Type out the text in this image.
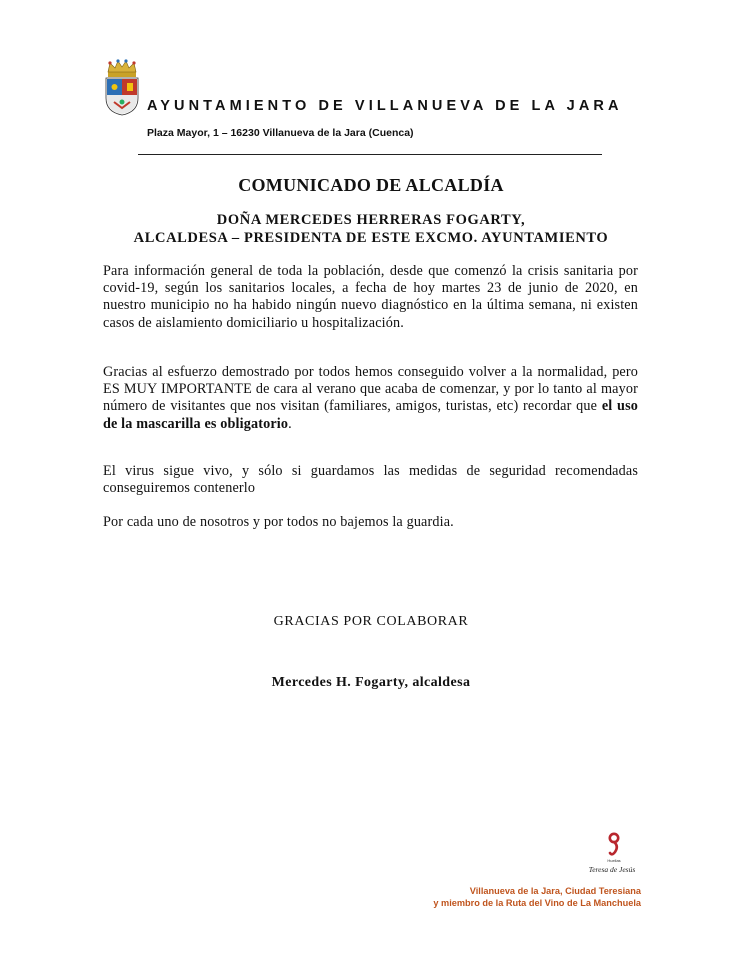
AYUNTAMIENTO DE VILLANUEVA DE LA JARA
Plaza Mayor, 1 – 16230 Villanueva de la Jara (Cuenca)
COMUNICADO DE ALCALDÍA
DOÑA MERCEDES HERRERAS FOGARTY,
ALCALDESA – PRESIDENTA DE ESTE EXCMO. AYUNTAMIENTO
Para información general de toda la población, desde que comenzó la crisis sanitaria por covid-19, según los sanitarios locales, a fecha de hoy martes 23 de junio de 2020, en nuestro municipio no ha habido ningún nuevo diagnóstico en la última semana, ni existen casos de aislamiento domiciliario u hospitalización.
Gracias al esfuerzo demostrado por todos hemos conseguido volver a la normalidad, pero ES MUY IMPORTANTE de cara al verano que acaba de comenzar, y por lo tanto al mayor número de visitantes que nos visitan (familiares, amigos, turistas, etc) recordar que el uso de la mascarilla es obligatorio.
El virus sigue vivo, y sólo si guardamos las medidas de seguridad recomendadas conseguiremos contenerlo
Por cada uno de nosotros y por todos no bajemos la guardia.
GRACIAS POR COLABORAR
Mercedes H. Fogarty, alcaldesa
Huellas
Teresa de Jesús
Villanueva de la Jara, Ciudad Teresiana
y miembro de la Ruta del Vino de La Manchuela
